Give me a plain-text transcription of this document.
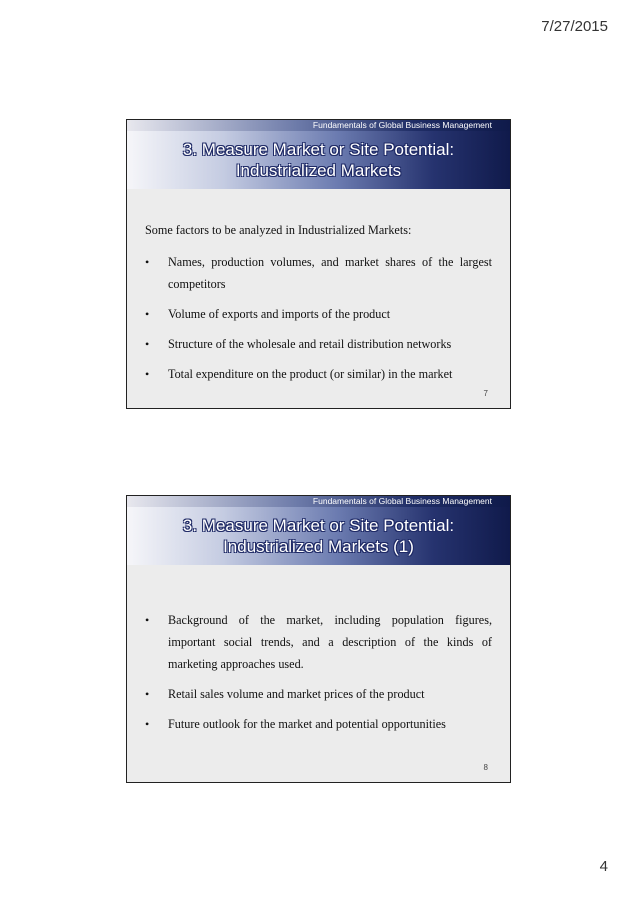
7/27/2015
Fundamentals of Global Business Management
3. Measure Market or Site Potential:
Industrialized Markets
Some factors to be analyzed in Industrialized Markets:
• Names, production volumes, and market shares of the largest competitors
• Volume of exports and imports of the product
• Structure of the wholesale and retail distribution networks
• Total expenditure on the product (or similar) in the market
7
Fundamentals of Global Business Management
3. Measure Market or Site Potential:
Industrialized Markets (1)
• Background of the market, including population figures, important social trends, and a description of the kinds of marketing approaches used.
• Retail sales volume and market prices of the product
• Future outlook for the market and potential opportunities
8
4
